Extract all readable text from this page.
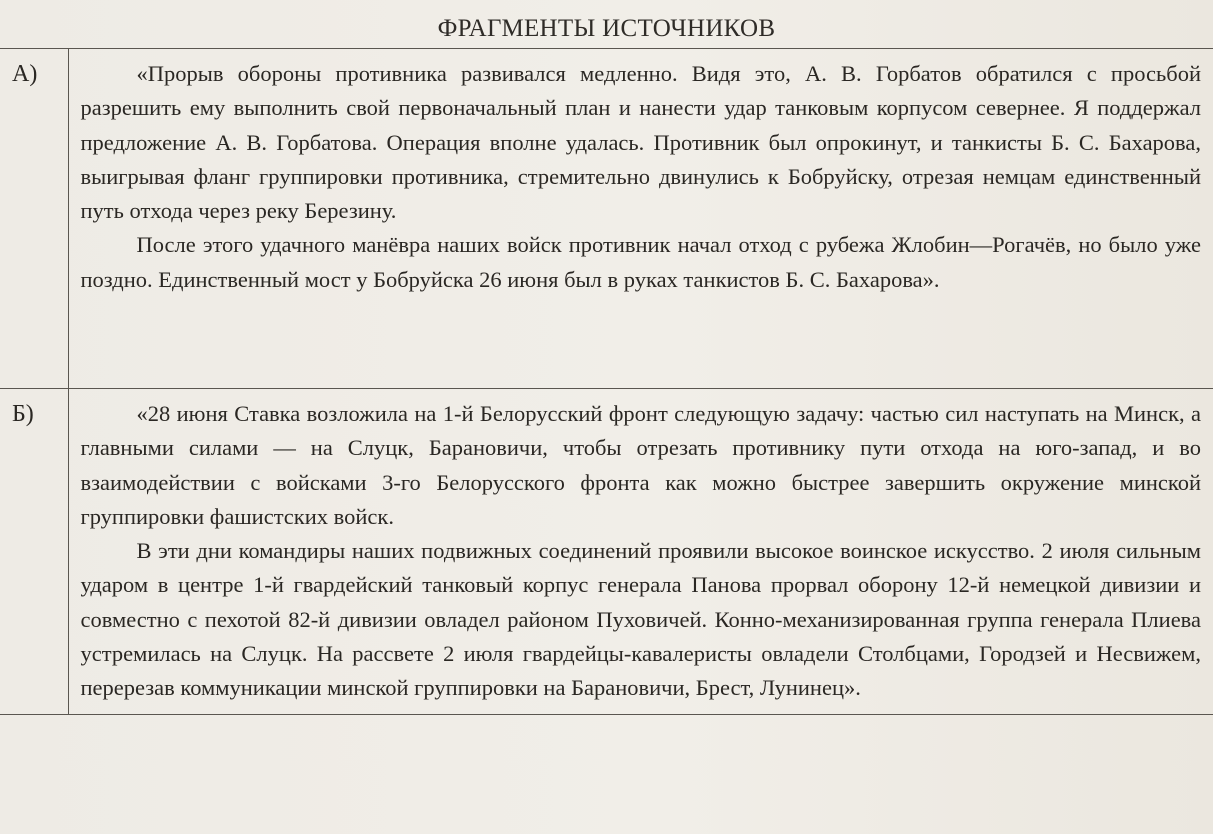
ФРАГМЕНТЫ ИСТОЧНИКОВ
А)	«Прорыв обороны противника развивался медленно. Видя это, А. В. Горбатов обратился с просьбой разрешить ему выполнить свой первоначальный план и нанести удар танковым корпусом севернее. Я поддержал предложение А. В. Горбатова. Операция вполне удалась. Противник был опрокинут, и танкисты Б. С. Бахарова, выигрывая фланг группировки противника, стремительно двинулись к Бобруйску, отрезая немцам единственный путь отхода через реку Березину.

После этого удачного манёвра наших войск противник начал отход с рубежа Жлобин—Рогачёв, но было уже поздно. Единственный мост у Бобруйска 26 июня был в руках танкистов Б. С. Бахарова».

Б)	«28 июня Ставка возложила на 1-й Белорусский фронт следующую задачу: частью сил наступать на Минск, а главными силами — на Слуцк, Барановичи, чтобы отрезать противнику пути отхода на юго-запад, и во взаимодействии с войсками 3-го Белорусского фронта как можно быстрее завершить окружение минской группировки фашистских войск.

В эти дни командиры наших подвижных соединений проявили высокое воинское искусство. 2 июля сильным ударом в центре 1-й гвардейский танковый корпус генерала Панова прорвал оборону 12-й немецкой дивизии и совместно с пехотой 82-й дивизии овладел районом Пуховичей. Конно-механизированная группа генерала Плиева устремилась на Слуцк. На рассвете 2 июля гвардейцы-кавалеристы овладели Столбцами, Городзей и Несвижем, перерезав коммуникации минской группировки на Барановичи, Брест, Лунинец».
